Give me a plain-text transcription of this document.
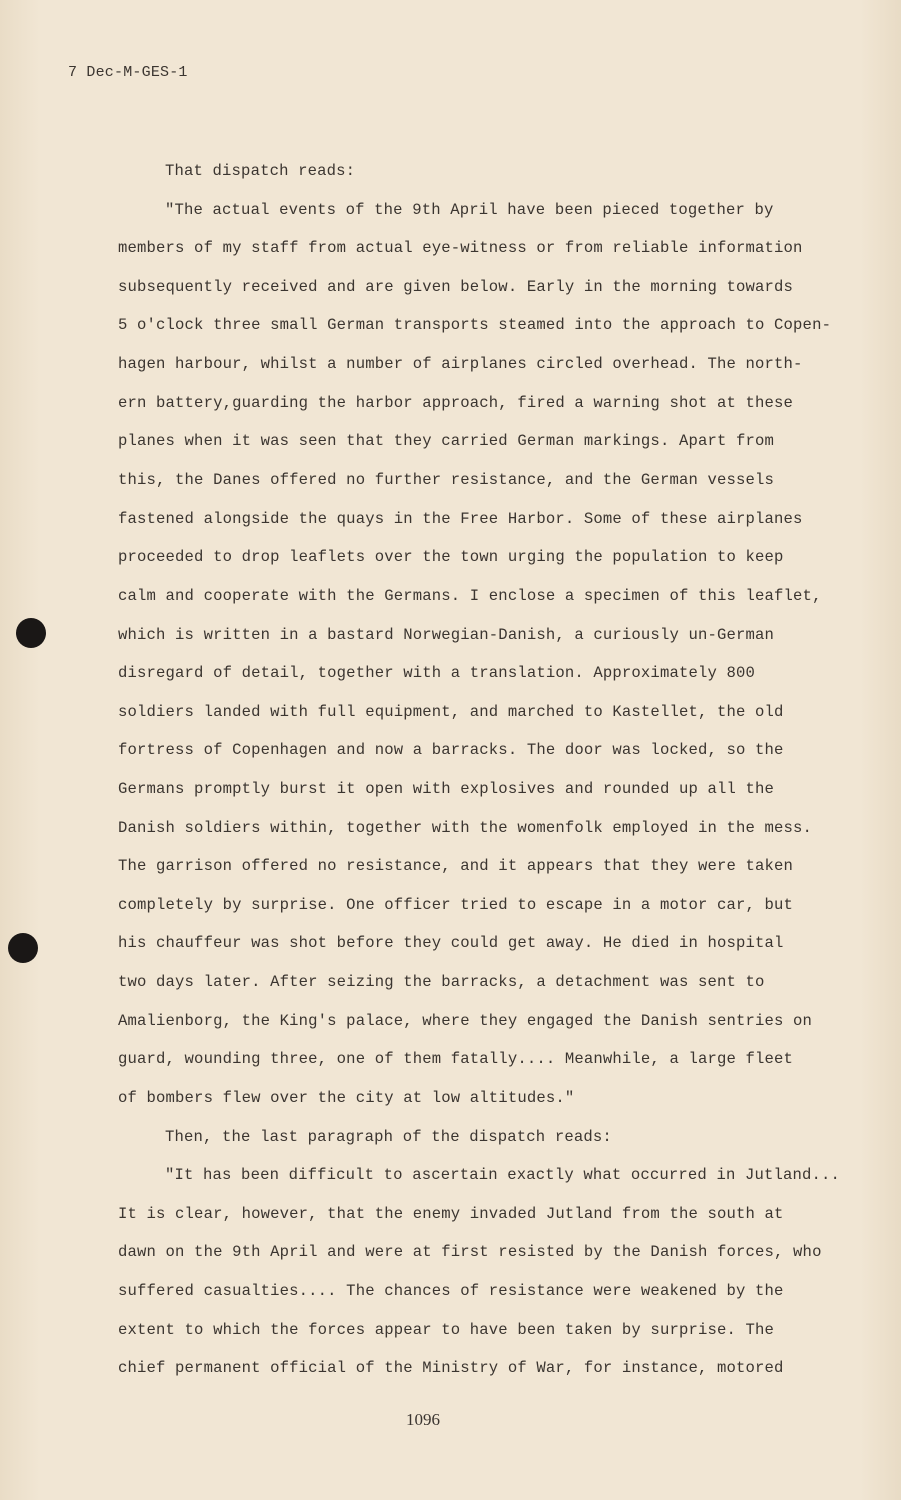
7 Dec-M-GES-1
That dispatch reads:
"The actual events of the 9th April have been pieced together by
members of my staff from actual eye-witness or from reliable information
subsequently received and are given below. Early in the morning towards
5 o'clock three small German transports steamed into the approach to Copen-
hagen harbour, whilst a number of airplanes circled overhead. The north-
ern battery,guarding the harbor approach, fired a warning shot at these
planes when it was seen that they carried German markings. Apart from
this, the Danes offered no further resistance, and the German vessels
fastened alongside the quays in the Free Harbor. Some of these airplanes
proceeded to drop leaflets over the town urging the population to keep
calm and cooperate with the Germans. I enclose a specimen of this leaflet,
which is written in a bastard Norwegian-Danish, a curiously un-German
disregard of detail, together with a translation. Approximately 800
soldiers landed with full equipment, and marched to Kastellet, the old
fortress of Copenhagen and now a barracks. The door was locked, so the
Germans promptly burst it open with explosives and rounded up all the
Danish soldiers within, together with the womenfolk employed in the mess.
The garrison offered no resistance, and it appears that they were taken
completely by surprise. One officer tried to escape in a motor car, but
his chauffeur was shot before they could get away. He died in hospital
two days later. After seizing the barracks, a detachment was sent to
Amalienborg, the King's palace, where they engaged the Danish sentries on
guard, wounding three, one of them fatally.... Meanwhile, a large fleet
of bombers flew over the city at low altitudes."
Then, the last paragraph of the dispatch reads:
"It has been difficult to ascertain exactly what occurred in Jutland...
It is clear, however, that the enemy invaded Jutland from the south at
dawn on the 9th April and were at first resisted by the Danish forces, who
suffered casualties.... The chances of resistance were weakened by the
extent to which the forces appear to have been taken by surprise. The
chief permanent official of the Ministry of War, for instance, motored
1096
